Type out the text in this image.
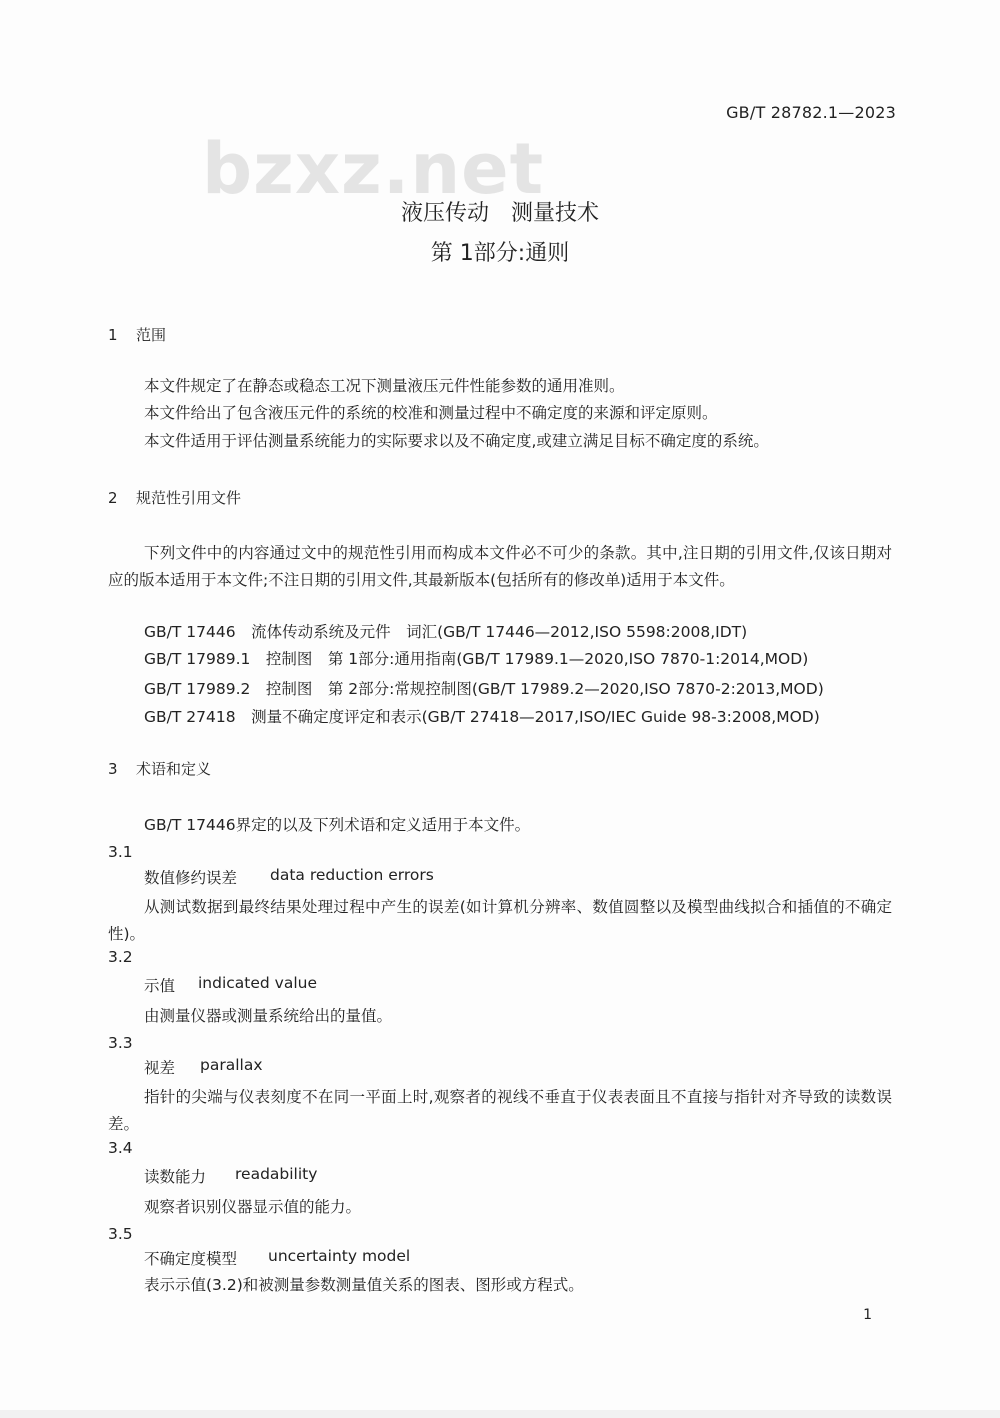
GB/T 28782.1—2023
bzxz.net
液压传动　测量技术
第 1部分:通则
1 范围
本文件规定了在静态或稳态工况下测量液压元件性能参数的通用准则。
本文件给出了包含液压元件的系统的校准和测量过程中不确定度的来源和评定原则。
本文件适用于评估测量系统能力的实际要求以及不确定度,或建立满足目标不确定度的系统。
2 规范性引用文件
下列文件中的内容通过文中的规范性引用而构成本文件必不可少的条款。其中,注日期的引用文件,仅该日期对应的版本适用于本文件;不注日期的引用文件,其最新版本(包括所有的修改单)适用于本文件。
GB/T 17446　流体传动系统及元件　词汇(GB/T 17446—2012,ISO 5598:2008,IDT)
GB/T 17989.1　控制图　第 1部分:通用指南(GB/T 17989.1—2020,ISO 7870-1:2014,MOD)
GB/T 17989.2　控制图　第 2部分:常规控制图(GB/T 17989.2—2020,ISO 7870-2:2013,MOD)
GB/T 27418　测量不确定度评定和表示(GB/T 27418—2017,ISO/IEC Guide 98-3:2008,MOD)
3 术语和定义
GB/T 17446界定的以及下列术语和定义适用于本文件。
3.1
数值修约误差 data reduction errors
从测试数据到最终结果处理过程中产生的误差(如计算机分辨率、数值圆整以及模型曲线拟合和插值的不确定性)。
3.2
示值 indicated value
由测量仪器或测量系统给出的量值。
3.3
视差 parallax
指针的尖端与仪表刻度不在同一平面上时,观察者的视线不垂直于仪表表面且不直接与指针对齐导致的读数误差。
3.4
读数能力 readability
观察者识别仪器显示值的能力。
3.5
不确定度模型 uncertainty model
表示示值(3.2)和被测量参数测量值关系的图表、图形或方程式。
1
